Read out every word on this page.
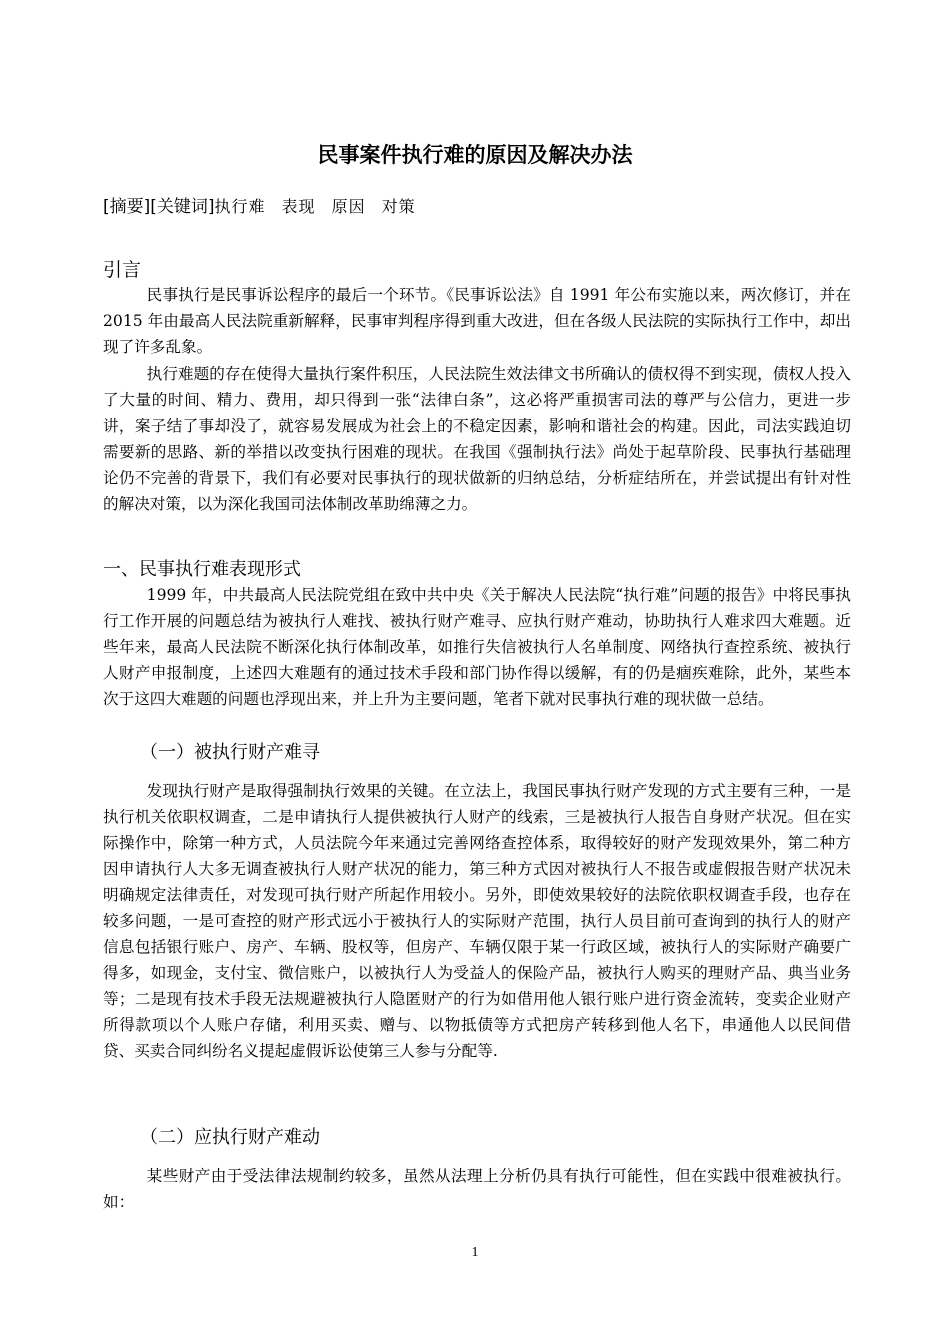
民事案件执行难的原因及解决办法
[摘要][关键词]执行难 表现 原因 对策
引言

民事执行是民事诉讼程序的最后一个环节。《民事诉讼法》自 1991 年公布实施以来，两次修订，并在 2015 年由最高人民法院重新解释，民事审判程序得到重大改进，但在各级人民法院的实际执行工作中，却出现了许多乱象。

执行难题的存在使得大量执行案件积压，人民法院生效法律文书所确认的债权得不到实现，债权人投入了大量的时间、精力、费用，却只得到一张“法律白条”，这必将严重损害司法的尊严与公信力，更进一步讲，案子结了事却没了，就容易发展成为社会上的不稳定因素，影响和谐社会的构建。因此，司法实践迫切需要新的思路、新的举措以改变执行困难的现状。在我国《强制执行法》尚处于起草阶段、民事执行基础理论仍不完善的背景下，我们有必要对民事执行的现状做新的归纳总结，分析症结所在，并尝试提出有针对性的解决对策，以为深化我国司法体制改革助绵薄之力。

一、民事执行难表现形式

1999 年，中共最高人民法院党组在致中共中央《关于解决人民法院“执行难”问题的报告》中将民事执行工作开展的问题总结为被执行人难找、被执行财产难寻、应执行财产难动，协助执行人难求四大难题。近些年来，最高人民法院不断深化执行体制改革，如推行失信被执行人名单制度、网络执行查控系统、被执行人财产申报制度，上述四大难题有的通过技术手段和部门协作得以缓解，有的仍是痼疾难除，此外，某些本次于这四大难题的问题也浮现出来，并上升为主要问题，笔者下就对民事执行难的现状做一总结。

（一）被执行财产难寻

发现执行财产是取得强制执行效果的关键。在立法上，我国民事执行财产发现的方式主要有三种，一是执行机关依职权调查，二是申请执行人提供被执行人财产的线索，三是被执行人报告自身财产状况。但在实际操作中，除第一种方式，人员法院今年来通过完善网络查控体系，取得较好的财产发现效果外，第二种方因申请执行人大多无调查被执行人财产状况的能力，第三种方式因对被执行人不报告或虚假报告财产状况未明确规定法律责任，对发现可执行财产所起作用较小。另外，即使效果较好的法院依职权调查手段，也存在较多问题，一是可查控的财产形式远小于被执行人的实际财产范围，执行人员目前可查询到的执行人的财产信息包括银行账户、房产、车辆、股权等，但房产、车辆仅限于某一行政区域，被执行人的实际财产确要广得多，如现金，支付宝、微信账户，以被执行人为受益人的保险产品，被执行人购买的理财产品、典当业务等；二是现有技术手段无法规避被执行人隐匿财产的行为如借用他人银行账户进行资金流转，变卖企业财产所得款项以个人账户存储，利用买卖、赠与、以物抵债等方式把房产转移到他人名下，串通他人以民间借贷、买卖合同纠纷名义提起虚假诉讼使第三人参与分配等.

（二）应执行财产难动

某些财产由于受法律法规制约较多，虽然从法理上分析仍具有执行可能性，但在实践中很难被执行。如：

1
